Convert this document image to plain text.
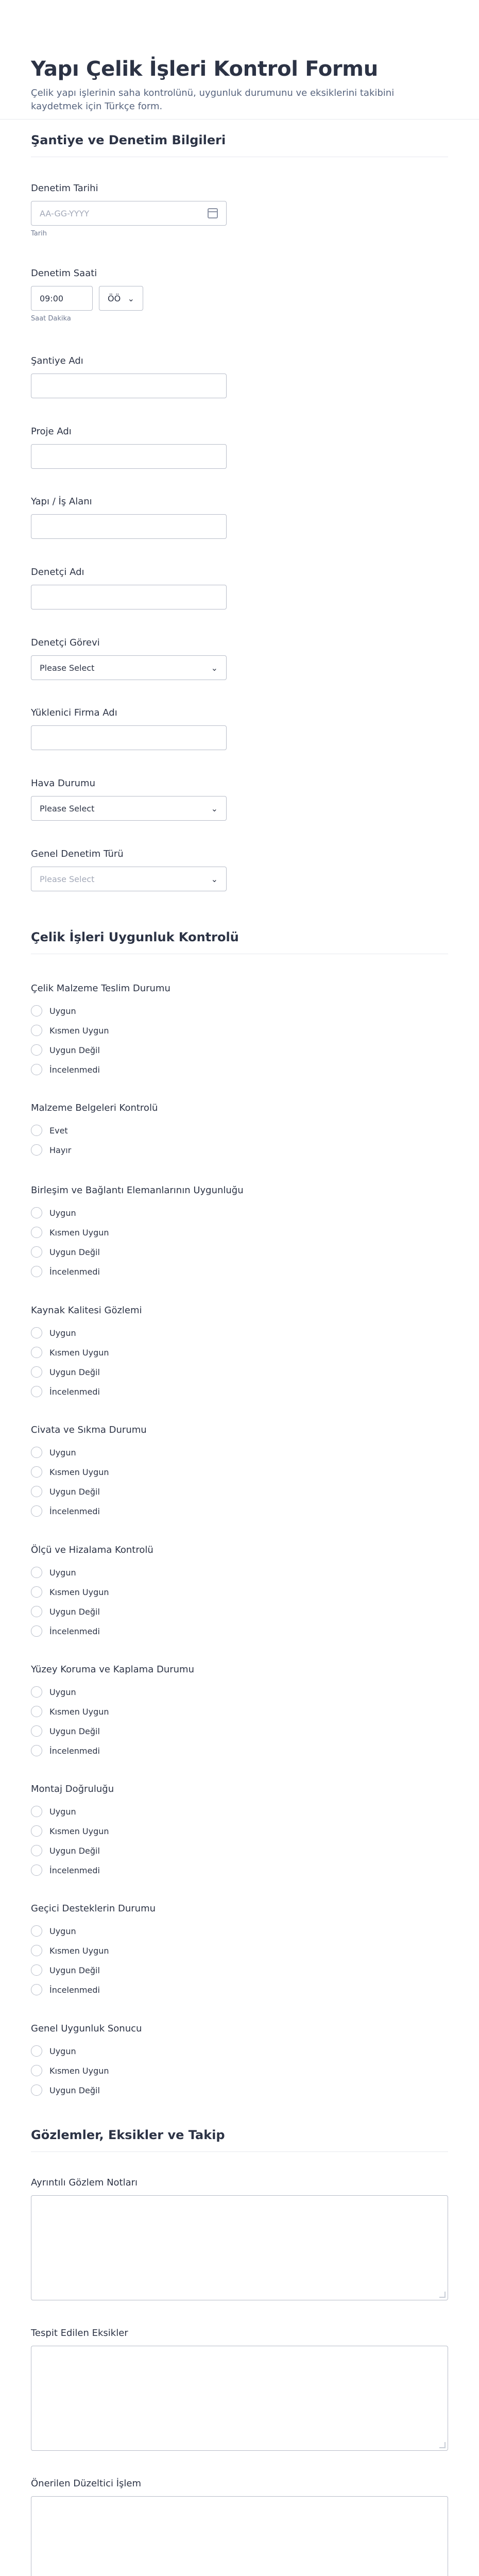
Yapı Çelik İşleri Kontrol Formu

Çelik yapı işlerinin saha kontrolünü, uygunluk durumunu ve eksiklerini takibini kaydetmek için Türkçe form.

Şantiye ve Denetim Bilgileri
Denetim Tarihi
AA-GG-YYYY
Tarih
Denetim Saati
09:00	ÖÖ ⌄
Saat Dakika
Şantiye Adı
Proje Adı
Yapı / İş Alanı
Denetçi Adı
Denetçi Görevi
Please Select	⌄
Yüklenici Firma Adı
Hava Durumu
Please Select	⌄
Genel Denetim Türü
Please Select	⌄
Çelik İşleri Uygunluk Kontrolü
Çelik Malzeme Teslim Durumu
Uygun
Kısmen Uygun
Uygun Değil
İncelenmedi
Malzeme Belgeleri Kontrolü
Evet
Hayır
Birleşim ve Bağlantı Elemanlarının Uygunluğu
Uygun
Kısmen Uygun
Uygun Değil
İncelenmedi
Kaynak Kalitesi Gözlemi
Uygun
Kısmen Uygun
Uygun Değil
İncelenmedi
Civata ve Sıkma Durumu
Uygun
Kısmen Uygun
Uygun Değil
İncelenmedi
Ölçü ve Hizalama Kontrolü
Uygun
Kısmen Uygun
Uygun Değil
İncelenmedi
Yüzey Koruma ve Kaplama Durumu
Uygun
Kısmen Uygun
Uygun Değil
İncelenmedi
Montaj Doğruluğu
Uygun
Kısmen Uygun
Uygun Değil
İncelenmedi
Geçici Desteklerin Durumu
Uygun
Kısmen Uygun
Uygun Değil
İncelenmedi
Genel Uygunluk Sonucu
Uygun
Kısmen Uygun
Uygun Değil
Gözlemler, Eksikler ve Takip
Ayrıntılı Gözlem Notları
Tespit Edilen Eksikler
Önerilen Düzeltici İşlem
